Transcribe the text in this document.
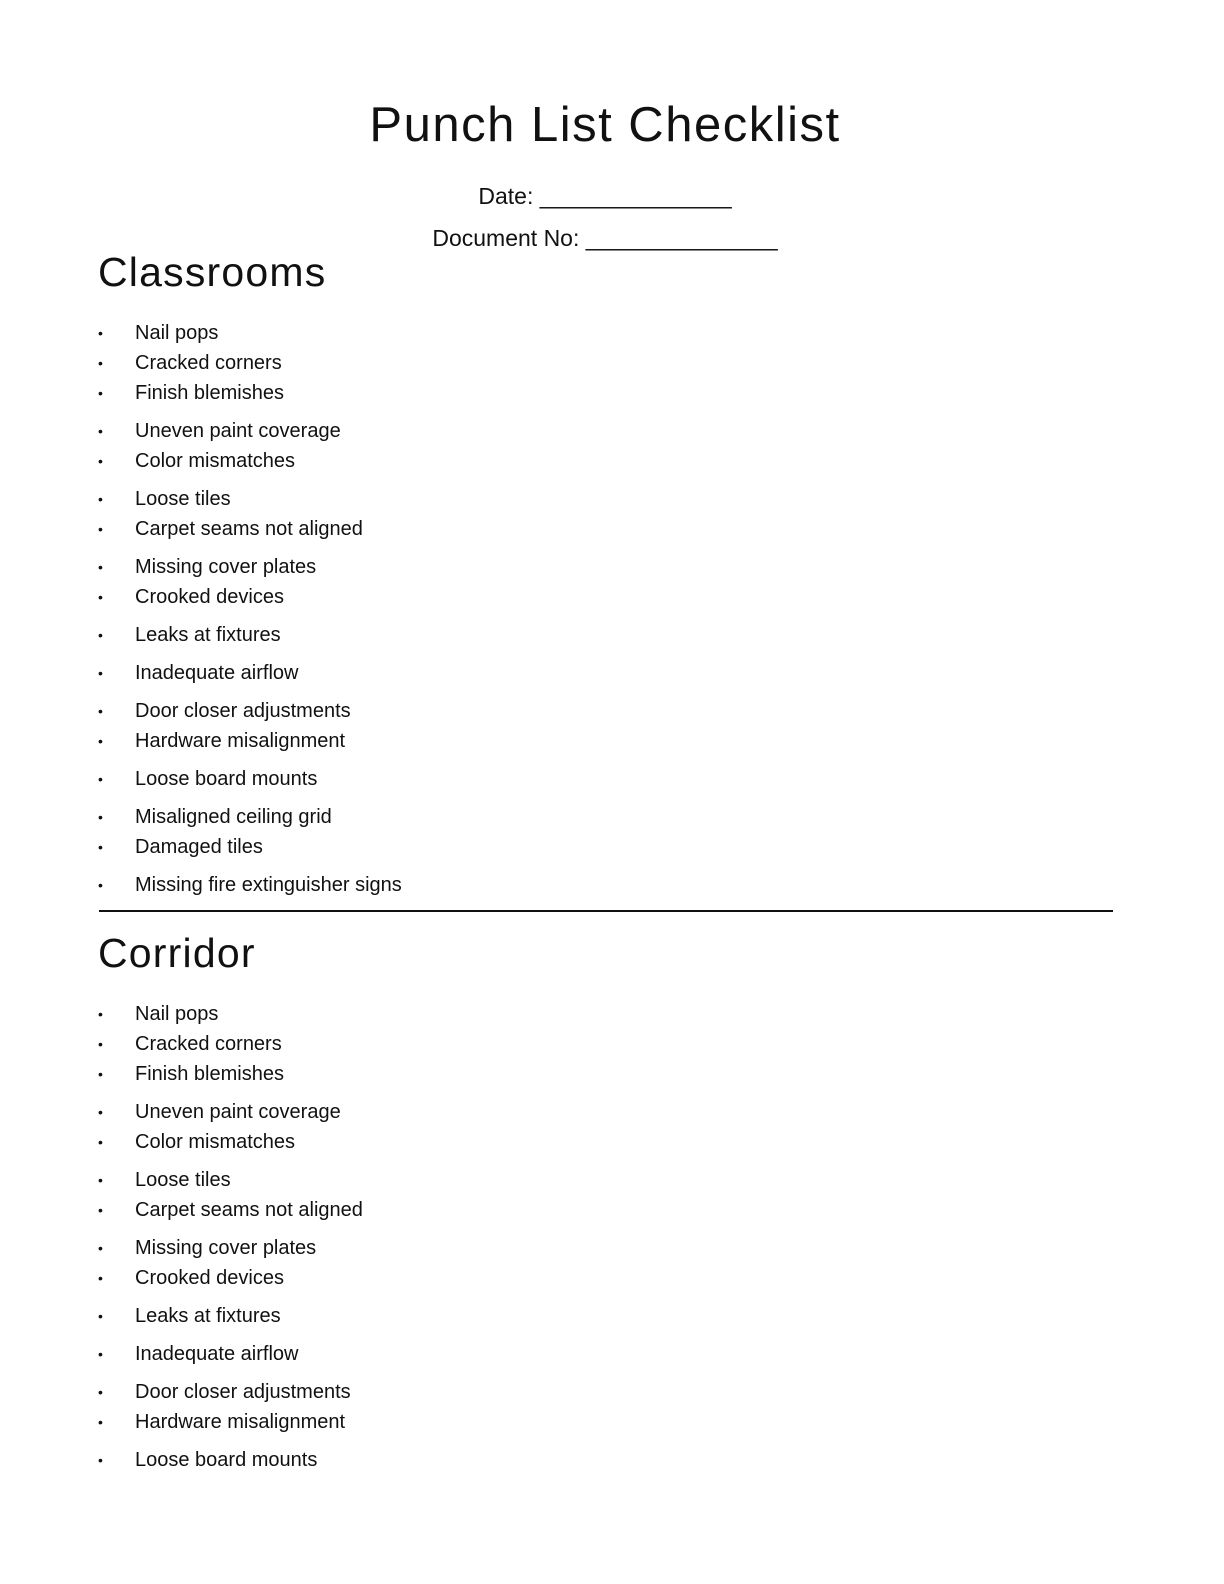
Punch List Checklist
Date: _______________
Document No: _______________
Classrooms
• Nail pops
• Cracked corners
• Finish blemishes
• Uneven paint coverage
• Color mismatches
• Loose tiles
• Carpet seams not aligned
• Missing cover plates
• Crooked devices
• Leaks at fixtures
• Inadequate airflow
• Door closer adjustments
• Hardware misalignment
• Loose board mounts
• Misaligned ceiling grid
• Damaged tiles
• Missing fire extinguisher signs
Corridor
• Nail pops
• Cracked corners
• Finish blemishes
• Uneven paint coverage
• Color mismatches
• Loose tiles
• Carpet seams not aligned
• Missing cover plates
• Crooked devices
• Leaks at fixtures
• Inadequate airflow
• Door closer adjustments
• Hardware misalignment
• Loose board mounts
